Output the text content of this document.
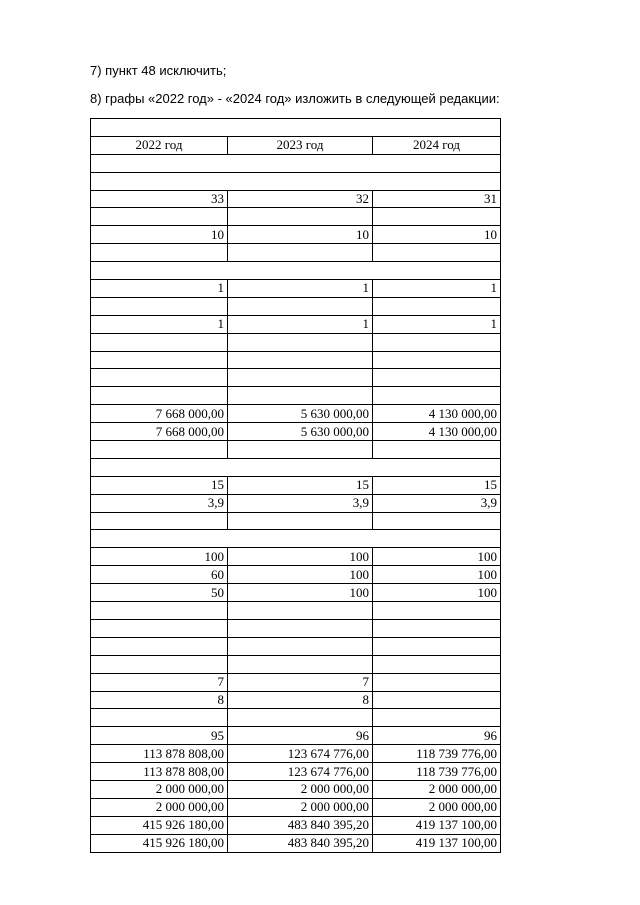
7) пункт 48 исключить;
8) графы «2022 год» - «2024 год» изложить в следующей редакции:

2022 год	2023 год	2024 год

33	32	31

10	10	10

1	1	1

1	1	1

7 668 000,00	5 630 000,00	4 130 000,00
7 668 000,00	5 630 000,00	4 130 000,00

15	15	15
3,9	3,9	3,9

100	100	100
60	100	100
50	100	100

7	7	
8	8	

95	96	96
113 878 808,00	123 674 776,00	118 739 776,00
113 878 808,00	123 674 776,00	118 739 776,00
2 000 000,00	2 000 000,00	2 000 000,00
2 000 000,00	2 000 000,00	2 000 000,00
415 926 180,00	483 840 395,20	419 137 100,00
415 926 180,00	483 840 395,20	419 137 100,00
